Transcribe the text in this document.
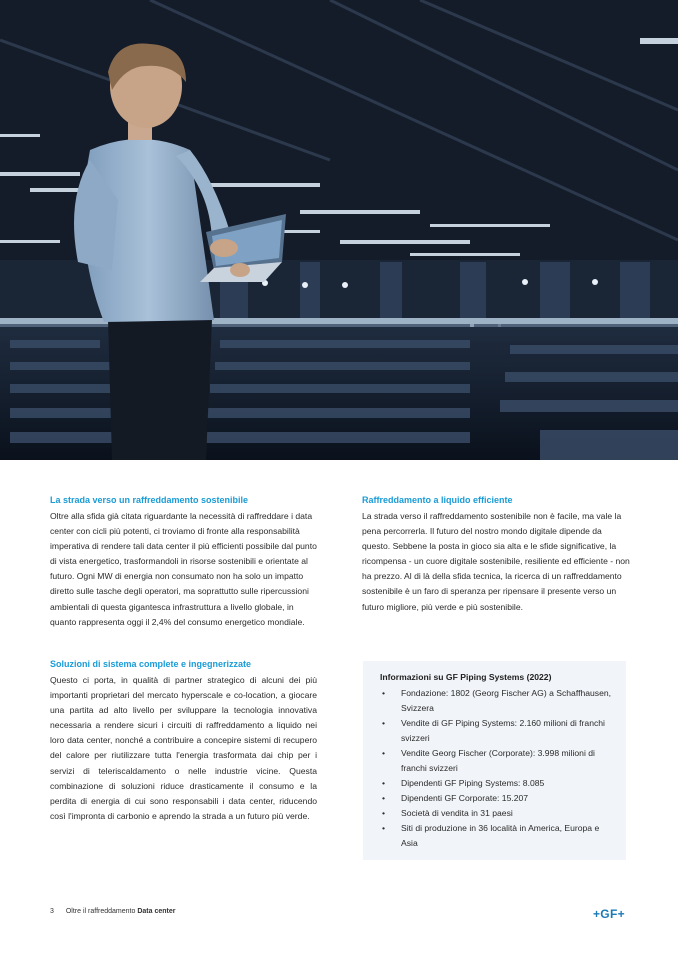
La strada verso un raffreddamento sostenibile

Oltre alla sfida già citata riguardante la necessità di raffreddare i data center con cicli più potenti, ci troviamo di fronte alla responsabilità imperativa di rendere tali data center il più efficienti possibile dal punto di vista energetico, trasformandoli in risorse sostenibili e orientate al futuro. Ogni MW di energia non consumato non ha solo un impatto diretto sulle tasche degli operatori, ma soprattutto sulle ripercussioni ambientali di questa gigantesca infrastruttura a livello globale, in quanto rappresenta oggi il 2,4% del consumo energetico mondiale.

Soluzioni di sistema complete e ingegnerizzate

Questo ci porta, in qualità di partner strategico di alcuni dei più importanti proprietari del mercato hyperscale e co-location, a giocare una partita ad alto livello per sviluppare la tecnologia innovativa necessaria a rendere sicuri i circuiti di raffreddamento a liquido nei loro data center, nonché a contribuire a concepire sistemi di recupero del calore per riutilizzare tutta l'energia trasformata dai chip per i servizi di teleriscaldamento o nelle industrie vicine. Questa combinazione di soluzioni riduce drasticamente il consumo e la perdita di energia di cui sono responsabili i data center, riducendo così l'impronta di carbonio e aprendo la strada a un futuro più verde.

Raffreddamento a liquido efficiente

La strada verso il raffreddamento sostenibile non è facile, ma vale la pena percorrerla. Il futuro del nostro mondo digitale dipende da questo. Sebbene la posta in gioco sia alta e le sfide significative, la ricompensa - un cuore digitale sostenibile, resiliente ed efficiente - non ha prezzo. Al di là della sfida tecnica, la ricerca di un raffreddamento sostenibile è un faro di speranza per ripensare il presente verso un futuro migliore, più verde e più sostenibile.

Informazioni su GF Piping Systems (2022)
• Fondazione: 1802 (Georg Fischer AG) a Schaffhausen, Svizzera
• Vendite di GF Piping Systems: 2.160 milioni di franchi svizzeri
• Vendite Georg Fischer (Corporate): 3.998 milioni di franchi svizzeri
• Dipendenti GF Piping Systems: 8.085
• Dipendenti GF Corporate: 15.207
• Società di vendita in 31 paesi
• Siti di produzione in 36 località in America, Europa e Asia
3 Oltre il raffreddamento Data center	+GF+
